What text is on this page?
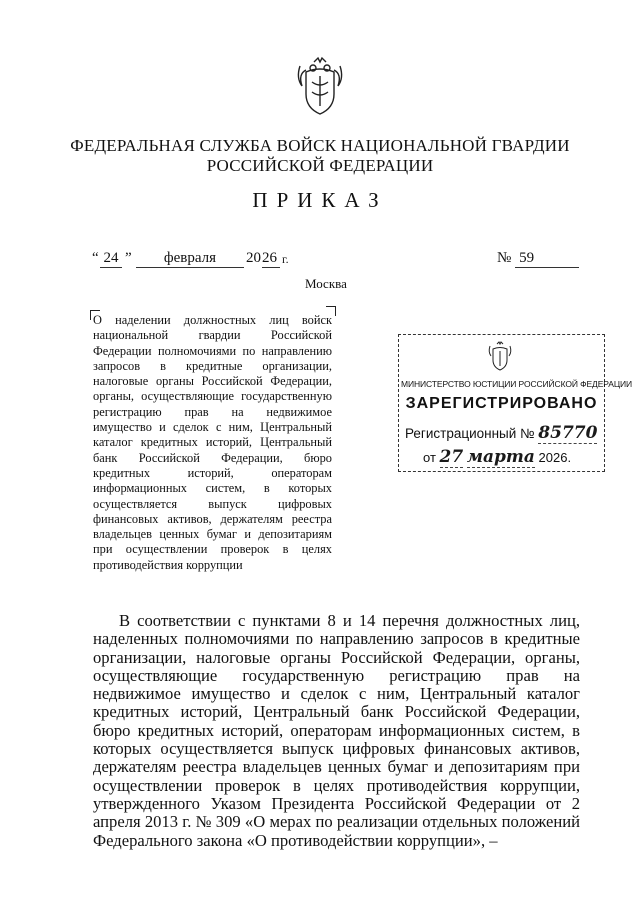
ФЕДЕРАЛЬНАЯ СЛУЖБА ВОЙСК НАЦИОНАЛЬНОЙ ГВАРДИИ
РОССИЙСКОЙ ФЕДЕРАЦИИ
ПРИКАЗ
“ 24 ”	февраля	20 26 г.	№ 59
Москва
О наделении должностных лиц войск национальной гвардии Российской Федерации полномочиями по направлению запросов в кредитные организации, налоговые органы Российской Федерации, органы, осуществляющие государственную регистрацию прав на недвижимое имущество и сделок с ним, Центральный каталог кредитных историй, Центральный банк Российской Федерации, бюро кредитных историй, операторам информационных систем, в которых осуществляется выпуск цифровых финансовых активов, держателям реестра владельцев ценных бумаг и депозитариям при осуществлении проверок в целях противодействия коррупции
МИНИСТЕРСТВО ЮСТИЦИИ РОССИЙСКОЙ ФЕДЕРАЦИИ
ЗАРЕГИСТРИРОВАНО
Регистрационный № 85770
от 27 марта 2026.
В соответствии с пунктами 8 и 14 перечня должностных лиц, наделенных полномочиями по направлению запросов в кредитные организации, налоговые органы Российской Федерации, органы, осуществляющие государственную регистрацию прав на недвижимое имущество и сделок с ним, Центральный каталог кредитных историй, Центральный банк Российской Федерации, бюро кредитных историй, операторам информационных систем, в которых осуществляется выпуск цифровых финансовых активов, держателям реестра владельцев ценных бумаг и депозитариям при осуществлении проверок в целях противодействия коррупции, утвержденного Указом Президента Российской Федерации от 2 апреля 2013 г. № 309 «О мерах по реализации отдельных положений Федерального закона «О противодействии коррупции», –
